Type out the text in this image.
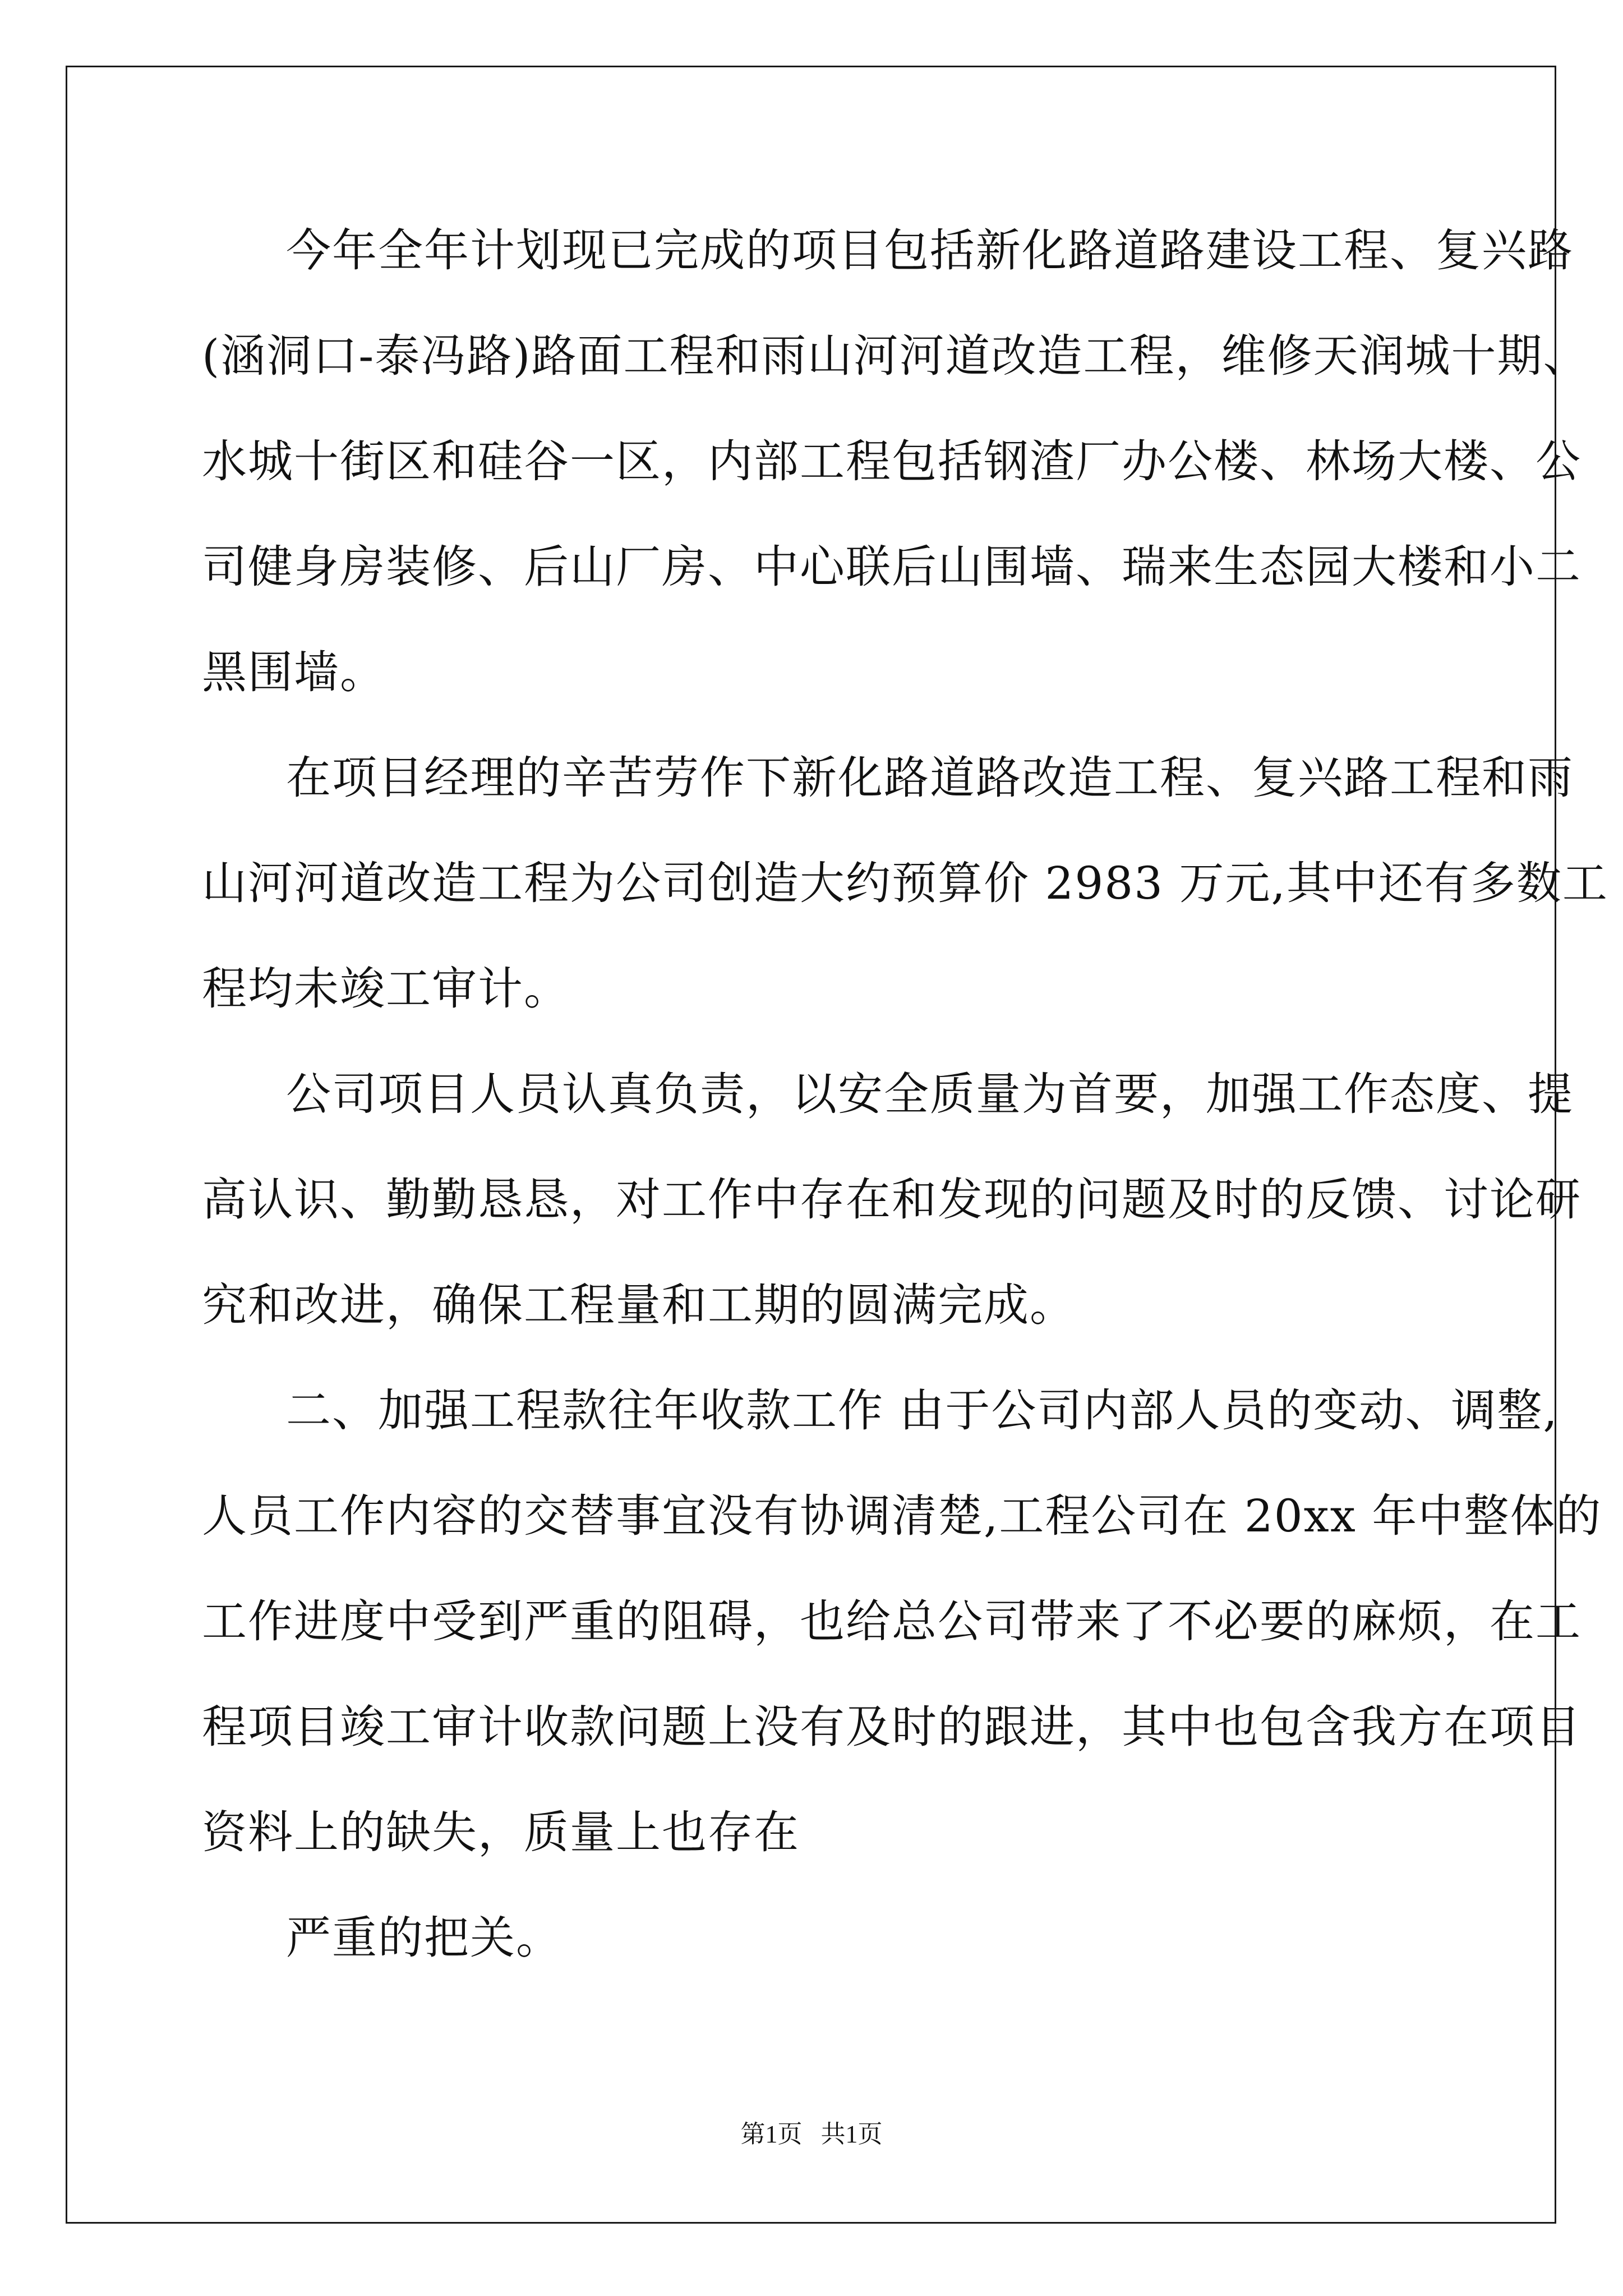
今年全年计划现已完成的项目包括新化路道路建设工程、复兴路
(涵洞口-泰冯路)路面工程和雨山河河道改造工程，维修天润城十期、
水城十街区和硅谷一区，内部工程包括钢渣厂办公楼、林场大楼、公
司健身房装修、后山厂房、中心联后山围墙、瑞来生态园大楼和小二
黑围墙。
在项目经理的辛苦劳作下新化路道路改造工程、复兴路工程和雨
山河河道改造工程为公司创造大约预算价 2983 万元,其中还有多数工
程均未竣工审计。
公司项目人员认真负责，以安全质量为首要，加强工作态度、提
高认识、勤勤恳恳，对工作中存在和发现的问题及时的反馈、讨论研
究和改进，确保工程量和工期的圆满完成。
二、加强工程款往年收款工作 由于公司内部人员的变动、调整,
人员工作内容的交替事宜没有协调清楚,工程公司在 20xx 年中整体的
工作进度中受到严重的阻碍，也给总公司带来了不必要的麻烦，在工
程项目竣工审计收款问题上没有及时的跟进，其中也包含我方在项目
资料上的缺失，质量上也存在
严重的把关。
第1页   共1页
